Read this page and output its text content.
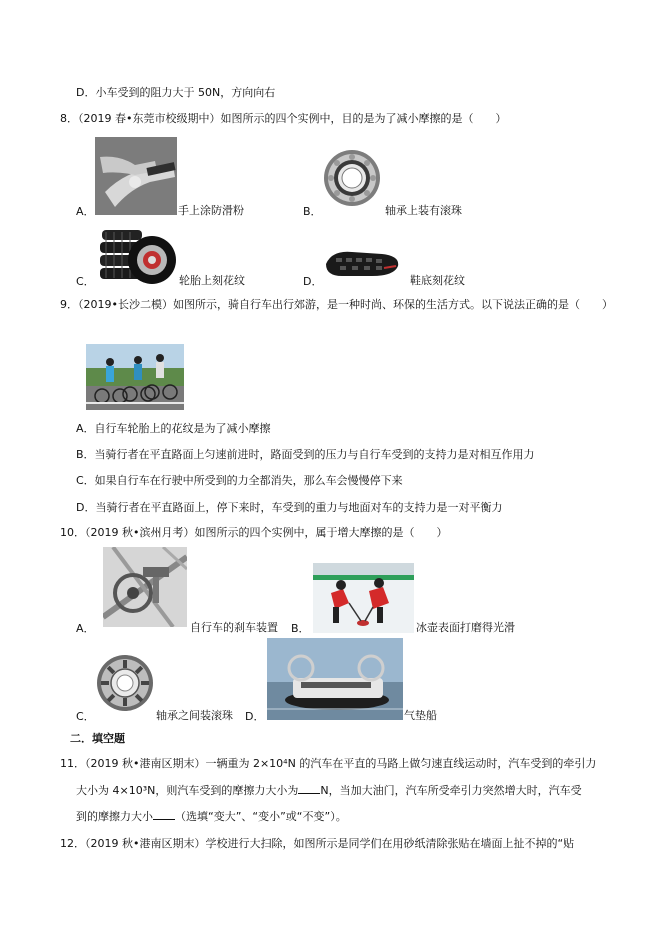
D．小车受到的阻力大于 50N，方向向右
8．（2019 春•东莞市校级期中）如图所示的四个实例中，目的是为了减小摩擦的是（　　）
A．	手上涂防滑粉	B．	轴承上装有滚珠
C．	轮胎上刻花纹	D．	鞋底刻花纹
9．（2019•长沙二模）如图所示，骑自行车出行郊游，是一种时尚、环保的生活方式。以下说法正确的是（　　）
A．自行车轮胎上的花纹是为了减小摩擦
B．当骑行者在平直路面上匀速前进时，路面受到的压力与自行车受到的支持力是对相互作用力
C．如果自行车在行驶中所受到的力全都消失，那么车会慢慢停下来
D．当骑行者在平直路面上，停下来时，车受到的重力与地面对车的支持力是一对平衡力
10．（2019 秋•滨州月考）如图所示的四个实例中，属于增大摩擦的是（　　）
A．	自行车的刹车装置 B．	冰壶表面打磨得光滑
C．	轴承之间装滚珠 D．	气垫船
二．填空题
11．（2019 秋•港南区期末）一辆重为 2×10⁴N 的汽车在平直的马路上做匀速直线运动时，汽车受到的牵引力
大小为 4×10³N，则汽车受到的摩擦力大小为 N，当加大油门，汽车所受牵引力突然增大时，汽车受
到的摩擦力大小 （选填“变大”、“变小”或“不变”）。
12．（2019 秋•港南区期末）学校进行大扫除，如图所示是同学们在用砂纸清除张贴在墙面上扯不掉的“贴
